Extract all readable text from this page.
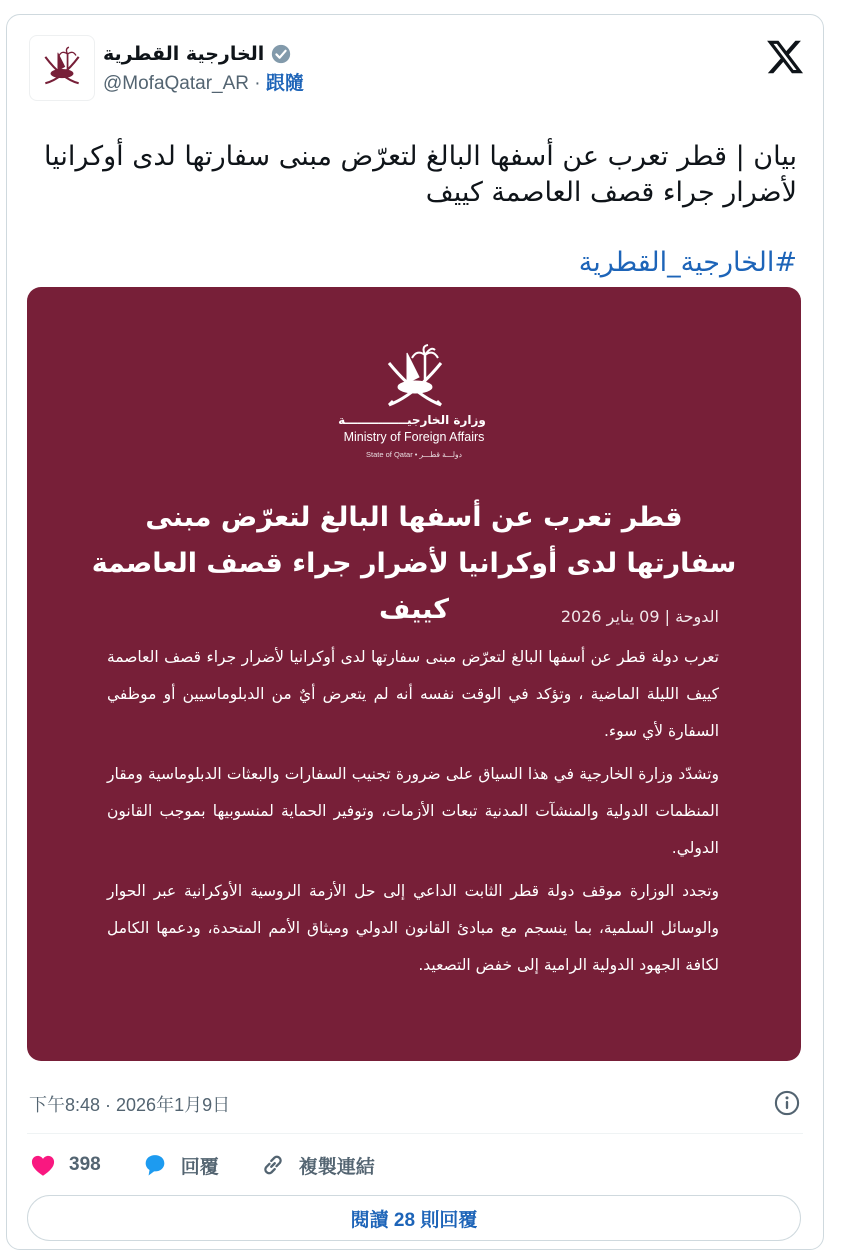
الخارجية القطرية
@MofaQatar_AR · 跟隨
بيان | قطر تعرب عن أسفها البالغ لتعرّض مبنى سفارتها لدى أوكرانيا لأضرار جراء قصف العاصمة كييف
#الخارجية_القطرية
وزارة الخارجيـــــــــــــــة
Ministry of Foreign Affairs
State of Qatar • دولـــة قطـــر
قطر تعرب عن أسفها البالغ لتعرّض مبنى سفارتها لدى أوكرانيا لأضرار جراء قصف العاصمة كييف	الدوحة | 09 يناير 2026

تعرب دولة قطر عن أسفها البالغ لتعرّض مبنى سفارتها لدى أوكرانيا لأضرار جراء قصف العاصمة كييف الليلة الماضية ، وتؤكد في الوقت نفسه أنه لم يتعرض أيٌ من الدبلوماسيين أو موظفي السفارة لأي سوء.

وتشدّد وزارة الخارجية في هذا السياق على ضرورة تجنيب السفارات والبعثات الدبلوماسية ومقار المنظمات الدولية والمنشآت المدنية تبعات الأزمات، وتوفير الحماية لمنسوبيها بموجب القانون الدولي.

وتجدد الوزارة موقف دولة قطر الثابت الداعي إلى حل الأزمة الروسية الأوكرانية عبر الحوار والوسائل السلمية، بما ينسجم مع مبادئ القانون الدولي وميثاق الأمم المتحدة، ودعمها الكامل لكافة الجهود الدولية الرامية إلى خفض التصعيد.

下午8:48 · 2026年1月9日
398	回覆	複製連結
閱讀 28 則回覆
